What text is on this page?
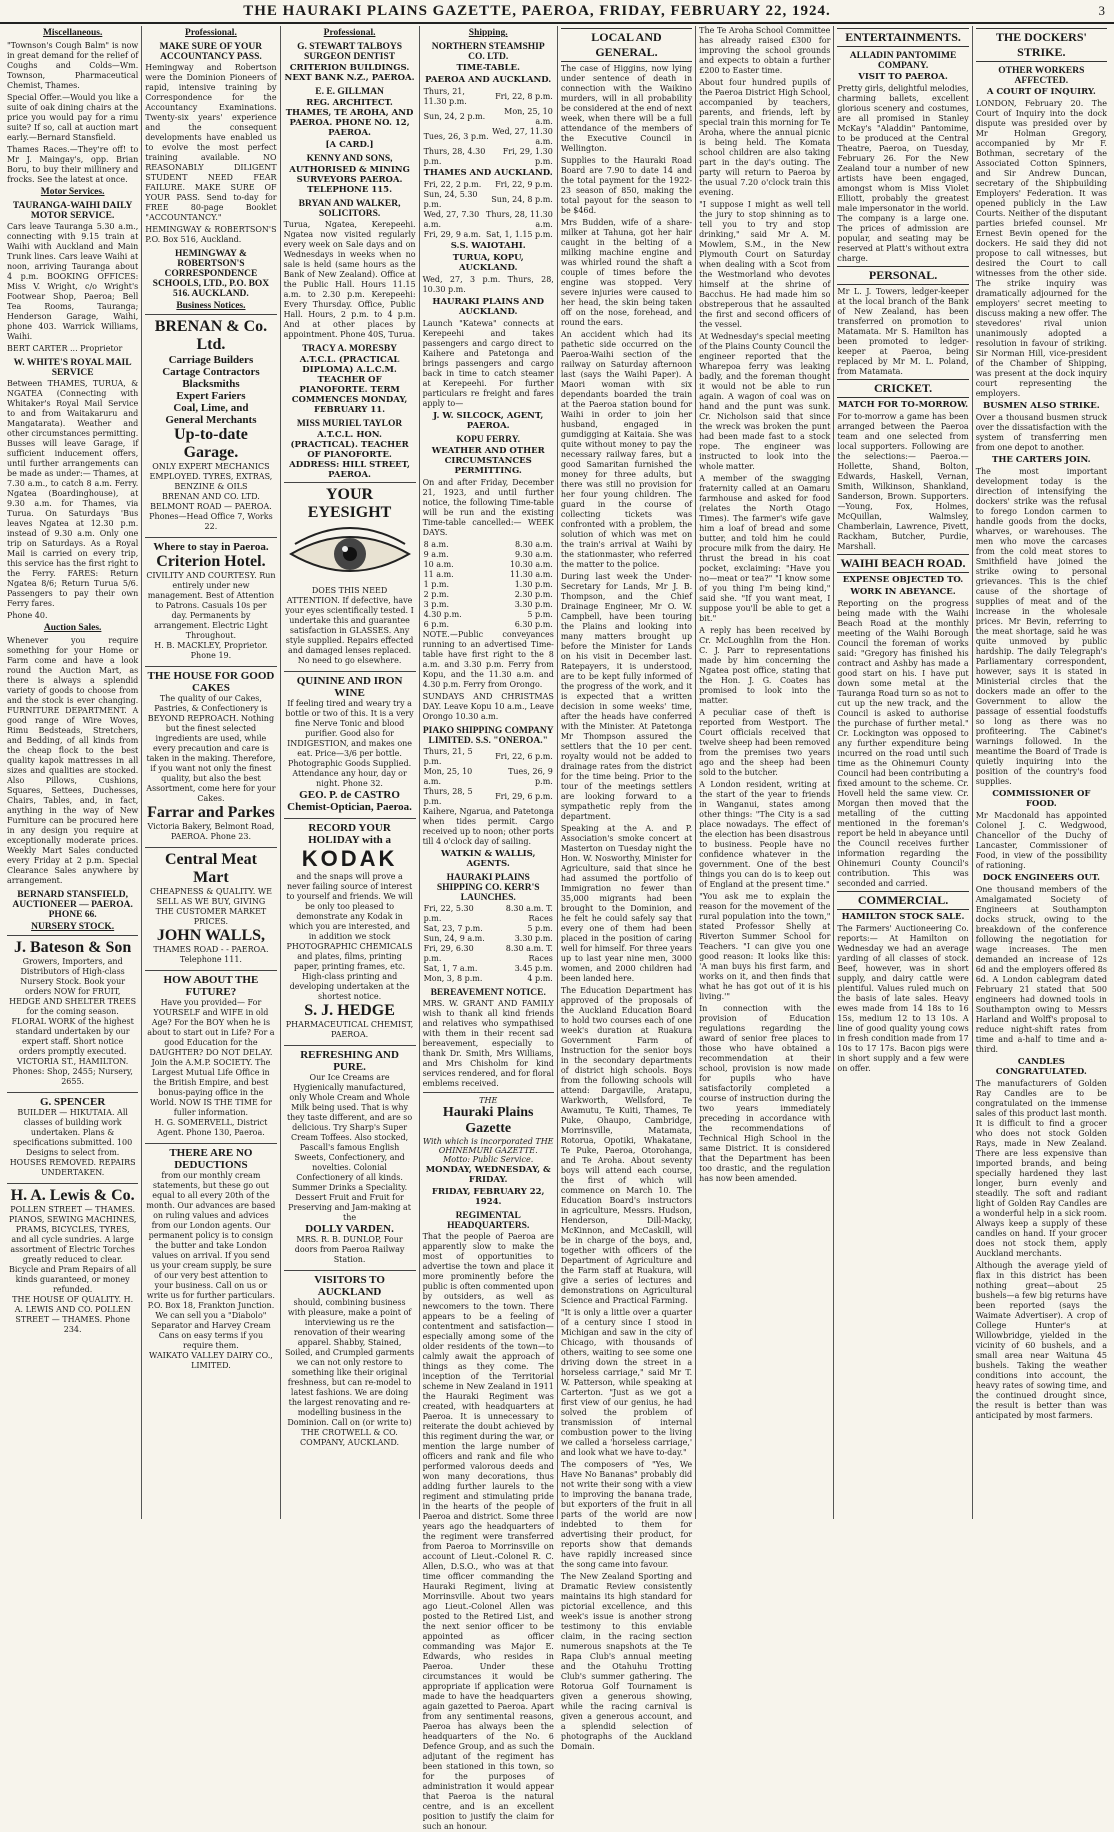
THE HAURAKI PLAINS GAZETTE, PAEROA, FRIDAY, FEBRUARY 22, 1924.	3
Miscellaneous.

"Townson's Cough Balm" is now in great demand for the relief of Coughs and Colds—Wm. Townson, Pharmaceutical Chemist, Thames.

Special Offer.—Would you like a suite of oak dining chairs at the price you would pay for a rimu suite? If so, call at auction mart early.—Bernard Stansfield.

Thames Races.—They're off! to Mr J. Maingay's, opp. Brian Boru, to buy their millinery and frocks. See the latest at once.

Motor Services.
TAURANGA-WAIHI DAILY MOTOR SERVICE.

Cars leave Tauranga 5.30 a.m., connecting with 9.15 train at Waihi with Auckland and Main Trunk lines. Cars leave Waihi at noon, arriving Tauranga about 4 p.m. BOOKING OFFICES: Miss V. Wright, c/o Wright's Footwear Shop, Paeroa; Bell Tea Rooms, Tauranga; Henderson Garage, Waihi, phone 403. Warrick Williams, Waihi.

BERT CARTER ... Proprietor

W. WHITE'S ROYAL MAIL SERVICE

Between THAMES, TURUA, & NGATEA (Connecting with Whitaker's Royal Mail Service to and from Waitakaruru and Mangatarata). Weather and other circumstances permitting. Busses will leave Garage, if sufficient inducement offers, until further arrangements can be made as under:— Thames, at 7.30 a.m., to catch 8 a.m. Ferry. Ngatea (Boardinghouse), at 9.30 a.m. for Thames, via Turua. On Saturdays 'Bus leaves Ngatea at 12.30 p.m. instead of 9.30 a.m. Only one trip on Saturdays. As a Royal Mail is carried on every trip, this service has the first right to the Ferry. FARES: Return Ngatea 8/6; Return Turua 5/6. Passengers to pay their own Ferry fares.

Phone 40.

Auction Sales.

Whenever you require something for your Home or Farm come and have a look round the Auction Mart, as there is always a splendid variety of goods to choose from and the stock is ever changing. FURNITURE DEPARTMENT. A good range of Wire Woves, Rimu Bedsteads, Stretchers, and Bedding, of all kinds from the cheap flock to the best quality kapok mattresses in all sizes and qualities are stocked. Also Pillows, Cushions, Squares, Settees, Duchesses, Chairs, Tables, and, in fact, anything in the way of New Furniture can be procured here in any design you require at exceptionally moderate prices. Weekly Mart Sales conducted every Friday at 2 p.m. Special Clearance Sales anywhere by arrangement.

BERNARD STANSFIELD, AUCTIONEER — PAEROA. PHONE 66.
NURSERY STOCK.
J. Bateson & Son
Growers, Importers, and Distributors of High-class Nursery Stock. Book your orders NOW for FRUIT, HEDGE AND SHELTER TREES for the coming season. FLORAL WORK of the highest standard undertaken by our expert staff. Short notice orders promptly executed.
VICTORIA ST., HAMILTON. Phones: Shop, 2455; Nursery, 2655.
G. SPENCER
BUILDER — HIKUTAIA. All classes of building work undertaken. Plans & specifications submitted. 100 Designs to select from. HOUSES REMOVED. REPAIRS UNDERTAKEN.
H. A. Lewis & Co.
POLLEN STREET — THAMES. PIANOS, SEWING MACHINES, PRAMS, BICYCLES, TYRES, and all cycle sundries. A large assortment of Electric Torches greatly reduced to clear. Bicycle and Pram Repairs of all kinds guaranteed, or money refunded.
THE HOUSE OF QUALITY. H. A. LEWIS AND CO. POLLEN STREET — THAMES. Phone 234.
Professional.
MAKE SURE OF YOUR ACCOUNTANCY PASS.

Hemingway and Robertson were the Dominion Pioneers of rapid, intensive training by Correspondence for the Accountancy Examinations. Twenty-six years' experience and the consequent developments have enabled us to evolve the most perfect training available. NO REASONABLY DILIGENT STUDENT NEED FEAR FAILURE. MAKE SURE OF YOUR PASS. Send to-day for FREE 80-page Booklet "ACCOUNTANCY."

HEMINGWAY & ROBERTSON'S P.O. Box 516, Auckland.

HEMINGWAY & ROBERTSON'S CORRESPONDENCE SCHOOLS, LTD., P.O. BOX 516. AUCKLAND.
Business Notices.
BRENAN & Co. Ltd.
Carriage Builders
Cartage Contractors
Blacksmiths
Expert Fariers
Coal, Lime, and
General Merchants
Up-to-date Garage.
ONLY EXPERT MECHANICS EMPLOYED. TYRES, EXTRAS, BENZINE & OILS
BRENAN AND CO. LTD. BELMONT ROAD — PAEROA. Phones—Head Office 7, Works 22.
Where to stay in Paeroa.
Criterion Hotel.
CIVILITY AND COURTESY. Run entirely under new management. Best of Attention to Patrons. Casuals 10s per day. Permanents by arrangement. Electric Light Throughout.
H. B. MACKLEY, Proprietor. Phone 19.
THE HOUSE FOR GOOD CAKES
The quality of our Cakes, Pastries, & Confectionery is BEYOND REPROACH. Nothing but the finest selected ingredients are used, while every precaution and care is taken in the making. Therefore, if you want not only the finest quality, but also the best Assortment, come here for your Cakes.
Farrar and Parkes
Victoria Bakery, Belmont Road, PAEROA. Phone 23.
Central Meat Mart
CHEAPNESS & QUALITY. WE SELL AS WE BUY, GIVING THE CUSTOMER MARKET PRICES.
JOHN WALLS,
THAMES ROAD - - PAEROA. Telephone 111.
HOW ABOUT THE FUTURE?
Have you provided— For YOURSELF and WIFE in old Age? For the BOY when he is about to start out in Life? For a good Education for the DAUGHTER? DO NOT DELAY. Join the A.M.P. SOCIETY. The Largest Mutual Life Office in the British Empire, and best bonus-paying office in the World. NOW IS THE TIME for fuller information.
H. G. SOMERVELL, District Agent. Phone 130, Paeroa.
THERE ARE NO DEDUCTIONS
from our monthly cream statements, but these go out equal to all every 20th of the month. Our advances are based on ruling values and advices from our London agents. Our permanent policy is to consign the butter and take London values on arrival. If you send us your cream supply, be sure of our very best attention to your business. Call on us or write us for further particulars. P.O. Box 18, Frankton Junction. We can sell you a "Diabolo" Separator and Harvey Cream Cans on easy terms if you require them.
WAIKATO VALLEY DAIRY CO., LIMITED.
Professional.
G. STEWART TALBOYS SURGEON DENTIST
CRITERION BUILDINGS. NEXT BANK N.Z., PAEROA.
E. E. GILLMAN
REG. ARCHITECT. THAMES, TE AROHA, AND PAEROA. PHONE NO. 12, PAEROA.
[A CARD.]
KENNY AND SONS,
AUTHORISED & MINING SURVEYORS PAEROA. TELEPHONE 115.
BRYAN AND WALKER, SOLICITORS.

Turua, Ngatea, Kerepeehi. Ngatea now visited regularly every week on Sale days and on Wednesdays in weeks when no sale is held (same hours as the Bank of New Zealand). Office at the Public Hall. Hours 11.15 a.m. to 2.30 p.m. Kerepeehi: Every Thursday. Office, Public Hall. Hours, 2 p.m. to 4 p.m. And at other places by appointment. Phone 40S, Turua.

TRACY A. MORESBY
A.T.C.L. (PRACTICAL DIPLOMA) A.L.C.M. TEACHER OF PIANOFORTE. TERM COMMENCES MONDAY, FEBRUARY 11.
MISS MURIEL TAYLOR
A.T.C.L. HON. (PRACTICAL). TEACHER OF PIANOFORTE. ADDRESS: HILL STREET, PAEROA.
YOUR EYESIGHT
DOES THIS NEED ATTENTION. If defective, have your eyes scientifically tested. I undertake this and guarantee satisfaction in GLASSES. Any style supplied. Repairs effected and damaged lenses replaced. No need to go elsewhere.
QUININE AND IRON WINE
If feeling tired and weary try a bottle or two of this. It is a very fine Nerve Tonic and blood purifier. Good also for INDIGESTION, and makes one eat. Price—3/6 per bottle.
Photographic Goods Supplied. Attendance any hour, day or night. Phone 32.
GEO. P. de CASTRO
Chemist-Optician, Paeroa.
RECORD YOUR HOLIDAY with a
KODAK
and the snaps will prove a never failing source of interest to yourself and friends. We will be only too pleased to demonstrate any Kodak in which you are interested, and in addition we stock PHOTOGRAPHIC CHEMICALS and plates, films, printing paper, printing frames, etc. High-class printing and developing undertaken at the shortest notice.
S. J. HEDGE
PHARMACEUTICAL CHEMIST, PAEROA.
REFRESHING AND PURE.
Our Ice Creams are Hygienically manufactured, only Whole Cream and Whole Milk being used. That is why they taste different, and are so delicious. Try Sharp's Super Cream Toffees. Also stocked, Pascall's famous English Sweets, Confectionery, and novelties. Colonial Confectionery of all kinds. Summer Drinks a Speciality. Dessert Fruit and Fruit for Preserving and Jam-making at the
DOLLY VARDEN.
MRS. R. B. DUNLOP, Four doors from Paeroa Railway Station.
VISITORS TO AUCKLAND
should, combining business with pleasure, make a point of interviewing us re the renovation of their wearing apparel. Shabby, Stained, Soiled, and Crumpled garments we can not only restore to something like their original freshness, but can re-model to latest fashions. We are doing the largest renovating and re-modelling business in the Dominion. Call on (or write to)
THE CROTWELL & CO. COMPANY, AUCKLAND.
Shipping.
NORTHERN STEAMSHIP CO. LTD.
TIME-TABLE.
PAEROA AND AUCKLAND.
Thurs, 21, 11.30 p.m.	Fri, 22, 8 p.m.
Sun, 24, 2 p.m.	Mon, 25, 10 a.m.
Tues, 26, 3 p.m.	Wed, 27, 11.30 a.m.
Thurs, 28, 4.30 p.m.	Fri, 29, 1.30 p.m.
THAMES AND AUCKLAND.
Fri, 22, 2 p.m.	Fri, 22, 9 p.m.
Sun, 24, 5.30 p.m.	Sun, 24, 8 p.m.
Wed, 27, 7.30 a.m.	Thurs, 28, 11.30 a.m.
Fri, 29, 9 a.m.	Sat, 1, 1.15 p.m.
S.S. WAIOTAHI.
TURUA, KOPU, AUCKLAND.

Wed, 27, 3 p.m. Thurs, 28, 10.30 p.m.

HAURAKI PLAINS AND AUCKLAND.

Launch "Katewa" connects at Kerepeehi and takes passengers and cargo direct to Kaihere and Patetonga and brings passengers and cargo back in time to catch steamer at Kerepeehi. For further particulars re freight and fares apply to—

J. W. SILCOCK, AGENT, PAEROA.
KOPU FERRY.
WEATHER AND OTHER CIRCUMSTANCES PERMITTING.

On and after Friday, December 21, 1923, and until further notice, the following Time-table will be run and the existing Time-table cancelled:— WEEK DAYS.

8 a.m.	8.30 a.m.
9 a.m.	9.30 a.m.
10 a.m.	10.30 a.m.
11 a.m.	11.30 a.m.
1 p.m.	1.30 p.m.
2 p.m.	2.30 p.m.
3 p.m.	3.30 p.m.
4.30 p.m.	5 p.m.
6 p.m.	6.30 p.m.

NOTE.—Public conveyances running to an advertised Time-table have first right to the 8 a.m. and 3.30 p.m. Ferry from Kopu, and the 11.30 a.m. and 4.30 p.m. Ferry from Orongo.

SUNDAYS AND CHRISTMAS DAY. Leave Kopu 10 a.m., Leave Orongo 10.30 a.m.

PIAKO SHIPPING COMPANY LIMITED. S.S. "ONEROA."
Thurs, 21, 5 p.m.	Fri, 22, 6 p.m.
Mon, 25, 10 a.m.	Tues, 26, 9 p.m.
Thurs, 28, 5 p.m.	Fri, 29, 6 p.m.

Kaihere, Ngarua, and Patetonga when tides permit. Cargo received up to noon; other ports till 4 o'clock day of sailing.

WATKIN & WALLIS, AGENTS.
HAURAKI PLAINS SHIPPING CO. KERR'S LAUNCHES.
Fri, 22, 5.30 p.m.	8.30 a.m. T. Races
Sat, 23, 7 p.m.	5 p.m.
Sun, 24, 9 a.m.	3.30 p.m.
Fri, 29, 6.30 p.m.	8.30 a.m. T. Races
Sat, 1, 7 a.m.	3.45 p.m.
Mon, 3, 8 p.m.	4 p.m.
BEREAVEMENT NOTICE.

MRS. W. GRANT AND FAMILY wish to thank all kind friends and relatives who sympathised with them in their recent sad bereavement, especially to thank Dr. Smith, Mrs Williams, and Mrs Chisholm for kind services rendered, and for floral emblems received.

THE
Hauraki Plains Gazette
With which is incorporated THE OHINEMURI GAZETTE.
Motto: Public Service.
MONDAY, WEDNESDAY, & FRIDAY.
FRIDAY, FEBRUARY 22, 1924.
REGIMENTAL HEADQUARTERS.

That the people of Paeroa are apparently slow to make the most of opportunities to advertise the town and place it more prominently before the public is often commented upon by outsiders, as well as newcomers to the town. There appears to be a feeling of contentment and satisfaction—especially among some of the older residents of the town—to calmly await the approach of things as they come. The inception of the Territorial scheme in New Zealand in 1911 the Hauraki Regiment was created, with headquarters at Paeroa. It is unnecessary to reiterate the doubt achieved by this regiment during the war, or mention the large number of officers and rank and file who performed valorous deeds and won many decorations, thus adding further laurels to the regiment and stimulating pride in the hearts of the people of Paeroa and district. Some three years ago the headquarters of the regiment were transferred from Paeroa to Morrinsville on account of Lieut.-Colonel R. C. Allen, D.S.O., who was at that time officer commanding the Hauraki Regiment, living at Morrinsville. About two years ago Lieut.-Colonel Allen was posted to the Retired List, and the next senior officer to be appointed as officer commanding was Major E. Edwards, who resides in Paeroa. Under these circumstances it would be appropriate if application were made to have the headquarters again gazetted to Paeroa. Apart from any sentimental reasons, Paeroa has always been the headquarters of the No. 6 Defence Group, and as such the adjutant of the regiment has been stationed in this town, so for the purposes of administration it would appear that Paeroa is the natural centre, and is an excellent position to justify the claim for such an honour.

LOCAL AND GENERAL.

The case of Higgins, now lying under sentence of death in connection with the Waikino murders, will in all probability be considered at the end of next week, when there will be a full attendance of the members of the Executive Council in Wellington.

Supplies to the Hauraki Road Board are 7.90 to date 14 and the total payment for the 1922-23 season of 850, making the total payout for the season to be $46d.

Mrs Budden, wife of a share-milker at Tahuna, got her hair caught in the belting of a milking machine engine and was whirled round the shaft a couple of times before the engine was stopped. Very severe injuries were caused to her head, the skin being taken off on the nose, forehead, and round the ears.

An accident which had its pathetic side occurred on the Paeroa-Waihi section of the railway on Saturday afternoon last (says the Waihi Paper). A Maori woman with six dependants boarded the train at the Paeroa station bound for Waihi in order to join her husband, engaged in gumdigging at Kaitaia. She was quite without money to pay the necessary railway fares, but a good Samaritan furnished the money for three adults, but there was still no provision for her four young children. The guard in the course of collecting tickets was confronted with a problem, the solution of which was met on the train's arrival at Waihi by the stationmaster, who referred the matter to the police.

During last week the Under-Secretary for Lands, Mr J. B. Thompson, and the Chief Drainage Engineer, Mr O. W. Campbell, have been touring the Plains and looking into many matters brought up before the Minister for Lands on his visit in December last. Ratepayers, it is understood, are to be kept fully informed of the progress of the work, and it is expected that a written decision in some weeks' time, after the heads have conferred with the Minister. At Patetonga Mr Thompson assured the settlers that the 10 per cent. royalty would not be added to drainage rates from the district for the time being. Prior to the tour of the meetings settlers are looking forward to a sympathetic reply from the department.

Speaking at the A. and P. Association's smoke concert at Masterton on Tuesday night the Hon. W. Nosworthy, Minister for Agriculture, said that since he had assumed the portfolio of Immigration no fewer than 35,000 migrants had been brought to the Dominion, and he felt he could safely say that every one of them had been placed in the position of caring well for himself. For three years up to last year nine men, 3000 women, and 2000 children had been landed here.

The Education Department has approved of the proposals of the Auckland Education Board to hold two courses each of one week's duration at Ruakura Government Farm of Instruction for the senior boys in the secondary departments of district high schools. Boys from the following schools will attend: Dargaville, Aratapu, Warkworth, Wellsford, Te Awamutu, Te Kuiti, Thames, Te Puke, Ohaupo, Cambridge, Morrinsville, Matamata, Rotorua, Opotiki, Whakatane, Te Puke, Paeroa, Otorohanga, and Te Aroha. About seventy boys will attend each course, the first of which will commence on March 10. The Education Board's instructors in agriculture, Messrs. Hudson, Henderson, Dill-Macky, McKinnon, and McCaskill, will be in charge of the boys, and, together with officers of the Department of Agriculture and the Farm staff at Ruakura, will give a series of lectures and demonstrations on Agricultural Science and Practical Farming.

"It is only a little over a quarter of a century since I stood in Michigan and saw in the city of Chicago, with thousands of others, waiting to see some one driving down the street in a horseless carriage," said Mr T. W. Patterson, while speaking at Carterton. "Just as we got a first view of our genius, he had solved the problem of transmission of internal combustion power to the living we called a 'horseless carriage,' and look what we have to-day."

The composers of "Yes, We Have No Bananas" probably did not write their song with a view to improving the banana trade, but exporters of the fruit in all parts of the world are now indebted to them for advertising their product, for reports show that demands have rapidly increased since the song came into favour.

The New Zealand Sporting and Dramatic Review consistently maintains its high standard for pictorial excellence, and this week's issue is another strong testimony to this enviable claim, in the racing section numerous snapshots at the Te Rapa Club's annual meeting and the Otahuhu Trotting Club's summer gathering. The Rotorua Golf Tournament is given a generous showing, while the racing carnival is given a generous account, and a splendid selection of photographs of the Auckland Domain.

The Te Aroha School Committee has already raised £300 for improving the school grounds and expects to obtain a further £200 to Easter time.

About four hundred pupils of the Paeroa District High School, accompanied by teachers, parents, and friends, left by special train this morning for Te Aroha, where the annual picnic is being held. The Komata school children are also taking part in the day's outing. The party will return to Paeroa by the usual 7.20 o'clock train this evening.

"I suppose I might as well tell the jury to stop shinning as to tell you to try and stop drinking," said Mr A. M. Mowlem, S.M., in the New Plymouth Court on Saturday when dealing with a Scot from the Westmorland who devotes himself at the shrine of Bacchus. He had made him so obstreperous that he assaulted the first and second officers of the vessel.

At Wednesday's special meeting of the Plains County Council the engineer reported that the Wharepoa ferry was leaking badly, and the foreman thought it would not be able to run again. A wagon of coal was on hand and the punt was sunk. Cr. Nicholson said that since the wreck was broken the punt had been made fast to a stock rope. The engineer was instructed to look into the whole matter.

A member of the swagging fraternity called at an Oamaru farmhouse and asked for food (relates the North Otago Times). The farmer's wife gave him a loaf of bread and some butter, and told him he could procure milk from the dairy. He thrust the bread in his coat pocket, exclaiming: "Have you no—meat or tea?" "I know some of you thing I'm being kind," said she. "If you want meat, I suppose you'll be able to get a bit."

A reply has been received by Cr. McLoughlin from the Hon. C. J. Parr to representations made by him concerning the Ngatea post office, stating that the Hon. J. G. Coates has promised to look into the matter.

A peculiar case of theft is reported from Westport. The Court officials received that twelve sheep had been removed from the premises two years ago and the sheep had been sold to the butcher.

A London resident, writing at the start of the year to friends in Wanganui, states among other things: "The City is a sad place nowadays. The effect of the election has been disastrous to business. People have no confidence whatever in the government. One of the best things you can do is to keep out of England at the present time."

"You ask me to explain the reason for the movement of the rural population into the town," stated Professor Shelly at Riverton Summer School for Teachers. "I can give you one good reason: It looks like this: 'A man buys his first farm, and works on it, and then finds that what he has got out of it is his living.'"

In connection with the provision of Education regulations regarding the award of senior free places to those who have obtained a recommendation at their school, provision is now made for pupils who have satisfactorily completed a course of instruction during the two years immediately preceding in accordance with the recommendations of Technical High School in the same District. It is considered that the Department has been too drastic, and the regulation has now been amended.

ENTERTAINMENTS.
ALLADIN PANTOMIME COMPANY.
VISIT TO PAEROA.

Pretty girls, delightful melodies, charming ballets, excellent glorious scenery and costumes, are all promised in Stanley McKay's "Aladdin" Pantomime, to be produced at the Central Theatre, Paeroa, on Tuesday, February 26. For the New Zealand tour a number of new artists have been engaged, amongst whom is Miss Violet Elliott, probably the greatest male impersonator in the world. The company is a large one. The prices of admission are popular, and seating may be reserved at Platt's without extra charge.

PERSONAL.

Mr L. J. Towers, ledger-keeper at the local branch of the Bank of New Zealand, has been transferred on promotion to Matamata. Mr S. Hamilton has been promoted to ledger-keeper at Paeroa, being replaced by Mr M. L. Poland, from Matamata.

CRICKET.
MATCH FOR TO-MORROW.

For to-morrow a game has been arranged between the Paeroa team and one selected from local supporters. Following are the selections:— Paeroa.—Hollette, Shand, Bolton, Edwards, Haskell, Vernan, Smith, Wilkinson, Shankland, Sanderson, Brown. Supporters.—Young, Fox, Holmes, McQuillan, Walmsley, Chamberlain, Lawrence, Pivett, Rackham, Butcher, Purdie, Marshall.

WAIHI BEACH ROAD.
EXPENSE OBJECTED TO.
WORK IN ABEYANCE.

Reporting on the progress being made with the Waihi Beach Road at the monthly meeting of the Waihi Borough Council the foreman of works said: "Gregory has finished his contract and Ashby has made a good start on his. I have put down some metal at the Tauranga Road turn so as not to cut up the new track, and the Council is asked to authorise the purchase of further metal." Cr. Lockington was opposed to any further expenditure being incurred on the road until such time as the Ohinemuri County Council had been contributing a fixed amount to the scheme. Cr. Hovell held the same view. Cr. Morgan then moved that the metalling of the cutting mentioned in the foreman's report be held in abeyance until the Council receives further information regarding the Ohinemuri County Council's contribution. This was seconded and carried.

COMMERCIAL.
HAMILTON STOCK SALE.

The Farmers' Auctioneering Co. reports:— At Hamilton on Wednesday we had an average yarding of all classes of stock. Beef, however, was in short supply, and dairy cattle were plentiful. Values ruled much on the basis of late sales. Heavy ewes made from 14 18s to 16 15s, medium 12 to 13 10s. A line of good quality young cows in fresh condition made from 17 10s to 17 17s. Bacon pigs were in short supply and a few were on offer.

THE DOCKERS' STRIKE.
OTHER WORKERS AFFECTED.
A COURT OF INQUIRY.

LONDON, February 20. The Court of Inquiry into the dock dispute was presided over by Mr Holman Gregory, accompanied by Mr F. Bothman, secretary of the Associated Cotton Spinners, and Sir Andrew Duncan, secretary of the Shipbuilding Employers' Federation. It was opened publicly in the Law Courts. Neither of the disputant parties briefed counsel. Mr Ernest Bevin opened for the dockers. He said they did not propose to call witnesses, but desired the Court to call witnesses from the other side. The strike inquiry was dramatically adjourned for the employers' secret meeting to discuss making a new offer. The stevedores' rival union unanimously adopted a resolution in favour of striking. Sir Norman Hill, vice-president of the Chamber of Shipping, was present at the dock inquiry court representing the employers.

BUSMEN ALSO STRIKE.

Over a thousand busmen struck over the dissatisfaction with the system of transferring men from one depot to another.

THE CARTERS JOIN.

The most important development today is the direction of intensifying the dockers' strike was the refusal to forego London carmen to handle goods from the docks, wharves, or warehouses. The men who move the carcases from the cold meat stores to Smithfield have joined the strike owing to personal grievances. This is the chief cause of the shortage of supplies of meat and of the increase in the wholesale prices. Mr Bevin, referring to the meat shortage, said he was quite unmoved by public hardship. The daily Telegraph's Parliamentary correspondent, however, says it is stated in Ministerial circles that the dockers made an offer to the Government to allow the passage of essential foodstuffs so long as there was no profiteering. The Cabinet's warnings followed. In the meantime the Board of Trade is quietly inquiring into the position of the country's food supplies.

COMMISSIONER OF FOOD.

Mr Macdonald has appointed Colonel J. C. Wedgwood, Chancellor of the Duchy of Lancaster, Commissioner of Food, in view of the possibility of rationing.

DOCK ENGINEERS OUT.

One thousand members of the Amalgamated Society of Engineers at Southampton docks struck, owing to the breakdown of the conference following the negotiation for wage increases. The men demanded an increase of 12s 6d and the employers offered 8s 6d. A London cablegram dated February 21 stated that 500 engineers had downed tools in Southampton owing to Messrs Harland and Wolff's proposal to reduce night-shift rates from time and a-half to time and a-third.

CANDLES CONGRATULATED.

The manufacturers of Golden Ray Candles are to be congratulated on the immense sales of this product last month. It is difficult to find a grocer who does not stock Golden Rays, made in New Zealand. There are less expensive than imported brands, and being specially hardened they last longer, burn evenly and steadily. The soft and radiant light of Golden Ray Candles are a wonderful help in a sick room. Always keep a supply of these candles on hand. If your grocer does not stock them, apply Auckland merchants.

Although the average yield of flax in this district has been nothing great—about 25 bushels—a few big returns have been reported (says the Waimate Advertiser). A crop of College Hunter's at Willowbridge, yielded in the vicinity of 60 bushels, and a small area near Waituna 45 bushels. Taking the weather conditions into account, the heavy rates of sowing time, and the continued drought since, the result is better than was anticipated by most farmers.
